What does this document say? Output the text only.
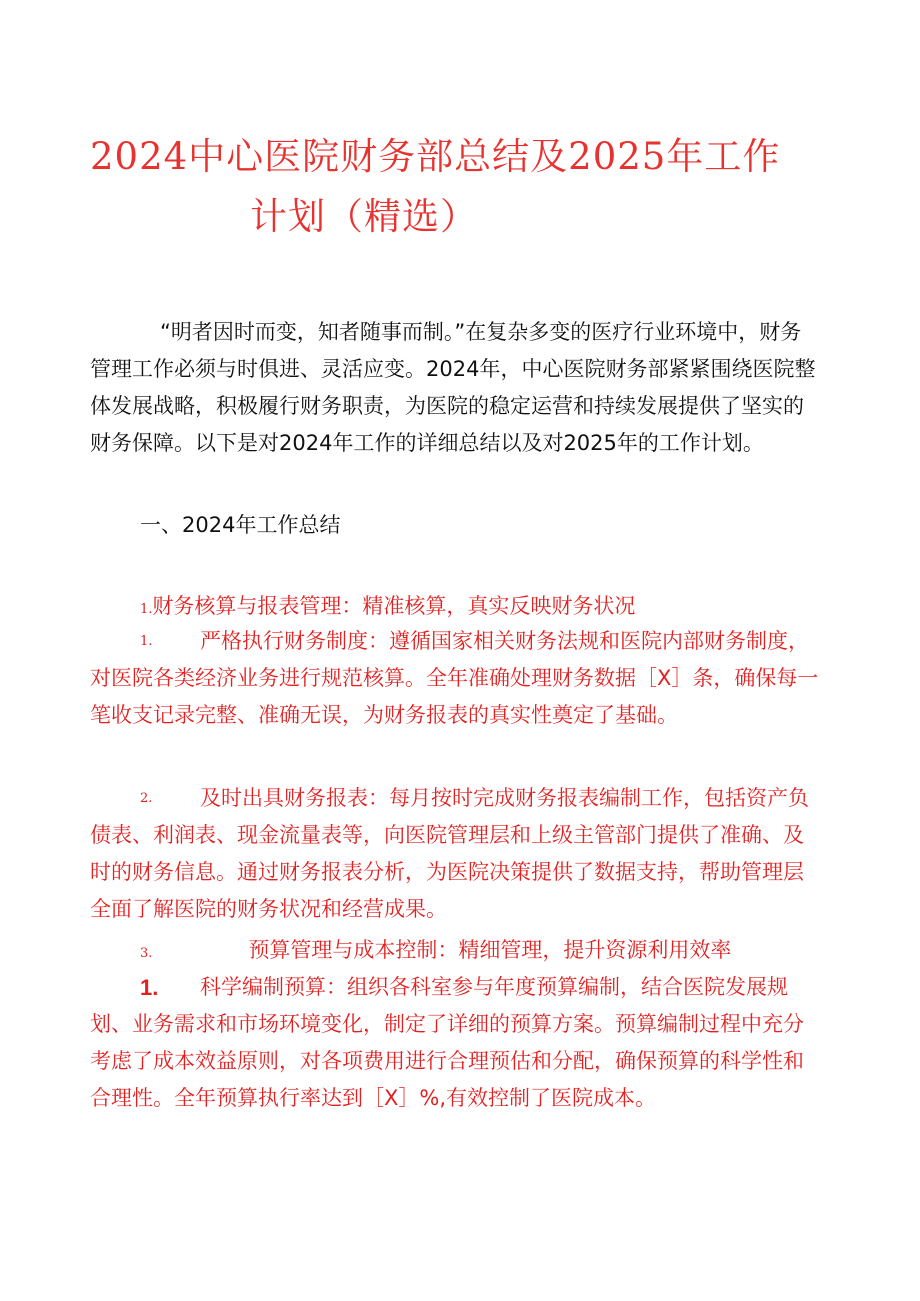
2024中心医院财务部总结及2025年工作
计划（精选）

“明者因时而变，知者随事而制。”在复杂多变的医疗行业环境中，财务管理工作必须与时俱进、灵活应变。2024年，中心医院财务部紧紧围绕医院整体发展战略，积极履行财务职责，为医院的稳定运营和持续发展提供了坚实的财务保障。以下是对2024年工作的详细总结以及对2025年的工作计划。

一、2024年工作总结

1.财务核算与报表管理：精准核算，真实反映财务状况

1.	严格执行财务制度：遵循国家相关财务法规和医院内部财务制度，对医院各类经济业务进行规范核算。全年准确处理财务数据［X］条，确保每一笔收支记录完整、准确无误，为财务报表的真实性奠定了基础。

2.	及时出具财务报表：每月按时完成财务报表编制工作，包括资产负债表、利润表、现金流量表等，向医院管理层和上级主管部门提供了准确、及时的财务信息。通过财务报表分析，为医院决策提供了数据支持，帮助管理层全面了解医院的财务状况和经营成果。

3.	预算管理与成本控制：精细管理，提升资源利用效率

1.	科学编制预算：组织各科室参与年度预算编制，结合医院发展规划、业务需求和市场环境变化，制定了详细的预算方案。预算编制过程中充分考虑了成本效益原则，对各项费用进行合理预估和分配，确保预算的科学性和合理性。全年预算执行率达到［X］%,有效控制了医院成本。
